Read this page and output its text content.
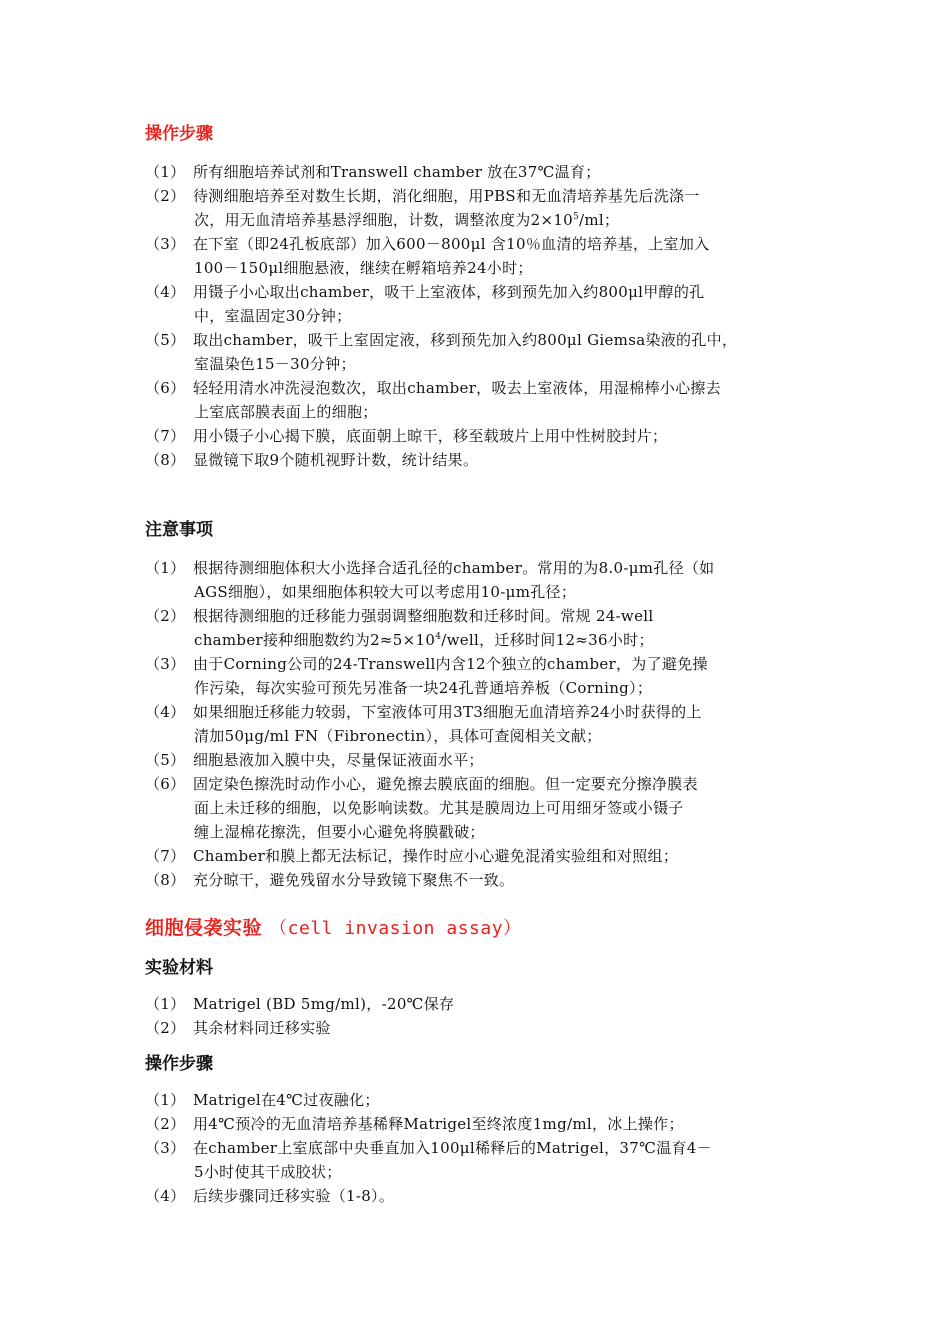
操作步骤
（1） 所有细胞培养试剂和Transwell chamber 放在37℃温育；
（2） 待测细胞培养至对数生长期，消化细胞，用PBS和无血清培养基先后洗涤一
次，用无血清培养基悬浮细胞，计数，调整浓度为$2\times 10^5/ml$；
（3） 在下室（即24孔板底部）加入600－800μl 含10％血清的培养基，上室加入
100－150μl细胞悬液，继续在孵箱培养24小时；
（4） 用镊子小心取出chamber，吸干上室液体，移到预先加入约800μl甲醇的孔
中，室温固定30分钟；
（5） 取出chamber，吸干上室固定液，移到预先加入约800μl Giemsa染液的孔中，
室温染色15－30分钟；
（6） 轻轻用清水冲洗浸泡数次，取出chamber，吸去上室液体，用湿棉棒小心擦去
上室底部膜表面上的细胞；
（7） 用小镊子小心揭下膜，底面朝上晾干，移至载玻片上用中性树胶封片；
（8） 显微镜下取9个随机视野计数，统计结果。
注意事项
（1） 根据待测细胞体积大小选择合适孔径的chamber。常用的为8.0-μm孔径（如
AGS细胞），如果细胞体积较大可以考虑用10-μm孔径；
（2） 根据待测细胞的迁移能力强弱调整细胞数和迁移时间。常规 24-well
chamber接种细胞数约为$2\approx 5\times 10^4$/well，迁移时间12≈36小时；
（3） 由于Corning公司的24-Transwell内含12个独立的chamber，为了避免操
作污染，每次实验可预先另准备一块24孔普通培养板（Corning）；
（4） 如果细胞迁移能力较弱，下室液体可用3T3细胞无血清培养24小时获得的上
清加50μg/ml FN（Fibronectin），具体可查阅相关文献；
（5） 细胞悬液加入膜中央，尽量保证液面水平；
（6） 固定染色擦洗时动作小心，避免擦去膜底面的细胞。但一定要充分擦净膜表
面上未迁移的细胞，以免影响读数。尤其是膜周边上可用细牙签或小镊子
缠上湿棉花擦洗，但要小心避免将膜戳破；
（7） Chamber和膜上都无法标记，操作时应小心避免混淆实验组和对照组；
（8） 充分晾干，避免残留水分导致镜下聚焦不一致。
细胞侵袭实验 （cell invasion assay）
实验材料
（1） Matrigel (BD 5mg/ml)，-20℃保存
（2） 其余材料同迁移实验
操作步骤
（1） Matrigel在4℃过夜融化；
（2） 用4℃预冷的无血清培养基稀释Matrigel至终浓度1mg/ml，冰上操作；
（3） 在chamber上室底部中央垂直加入100μl稀释后的Matrigel，37℃温育4－
5小时使其干成胶状；
（4） 后续步骤同迁移实验（1-8）。
